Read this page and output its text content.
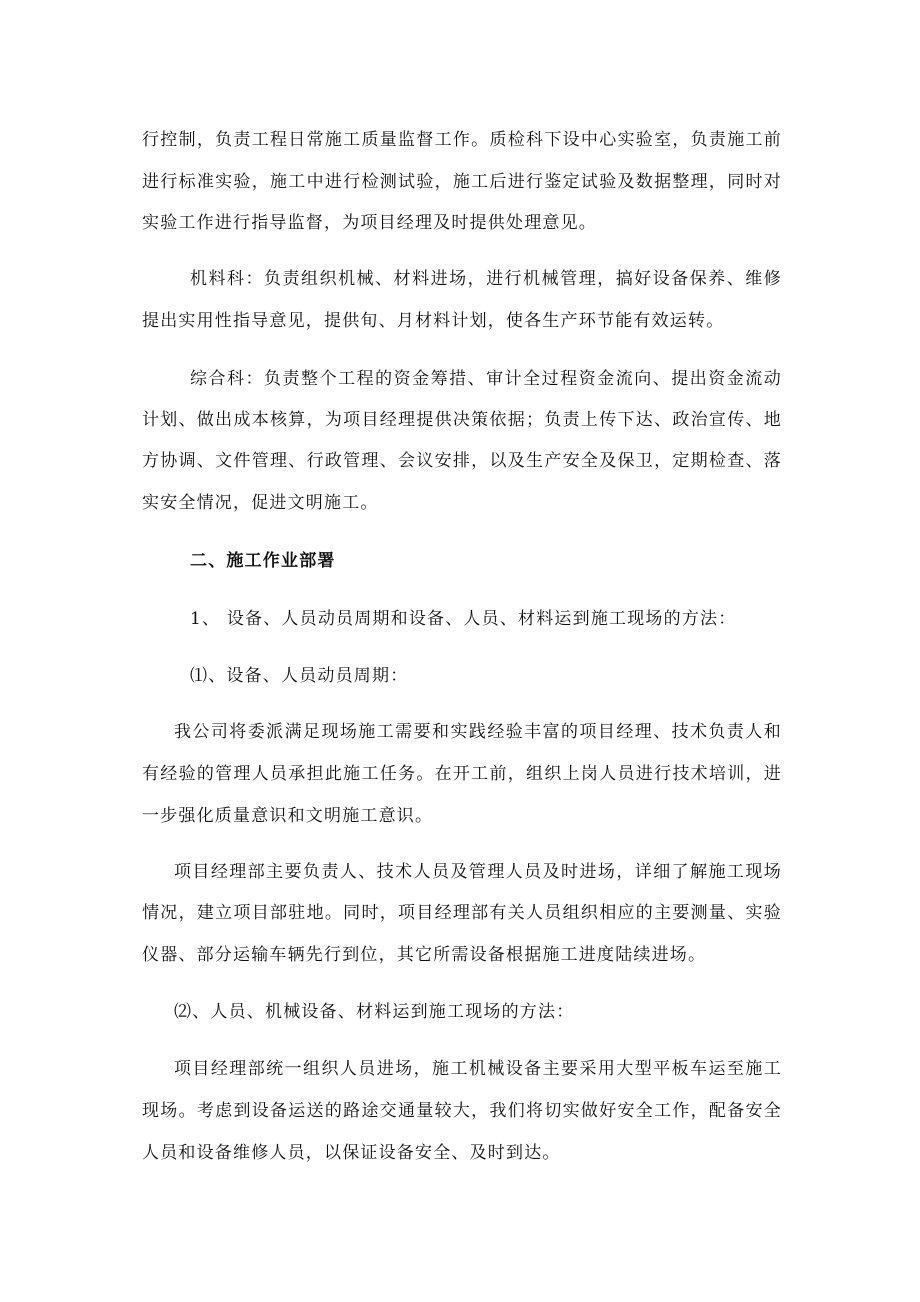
行控制，负责工程日常施工质量监督工作。质检科下设中心实验室，负责施工前
进行标准实验，施工中进行检测试验，施工后进行鉴定试验及数据整理，同时对
实验工作进行指导监督，为项目经理及时提供处理意见。
机料科：负责组织机械、材料进场，进行机械管理，搞好设备保养、维修
提出实用性指导意见，提供旬、月材料计划，使各生产环节能有效运转。
综合科：负责整个工程的资金筹措、审计全过程资金流向、提出资金流动
计划、做出成本核算，为项目经理提供决策依据；负责上传下达、政治宣传、地
方协调、文件管理、行政管理、会议安排，以及生产安全及保卫，定期检查、落
实安全情况，促进文明施工。
二、施工作业部署
1、 设备、人员动员周期和设备、人员、材料运到施工现场的方法：
⑴、设备、人员动员周期：
我公司将委派满足现场施工需要和实践经验丰富的项目经理、技术负责人和
有经验的管理人员承担此施工任务。在开工前，组织上岗人员进行技术培训，进
一步强化质量意识和文明施工意识。
项目经理部主要负责人、技术人员及管理人员及时进场，详细了解施工现场
情况，建立项目部驻地。同时，项目经理部有关人员组织相应的主要测量、实验
仪器、部分运输车辆先行到位，其它所需设备根据施工进度陆续进场。
⑵、人员、机械设备、材料运到施工现场的方法：
项目经理部统一组织人员进场，施工机械设备主要采用大型平板车运至施工
现场。考虑到设备运送的路途交通量较大，我们将切实做好安全工作，配备安全
人员和设备维修人员，以保证设备安全、及时到达。
